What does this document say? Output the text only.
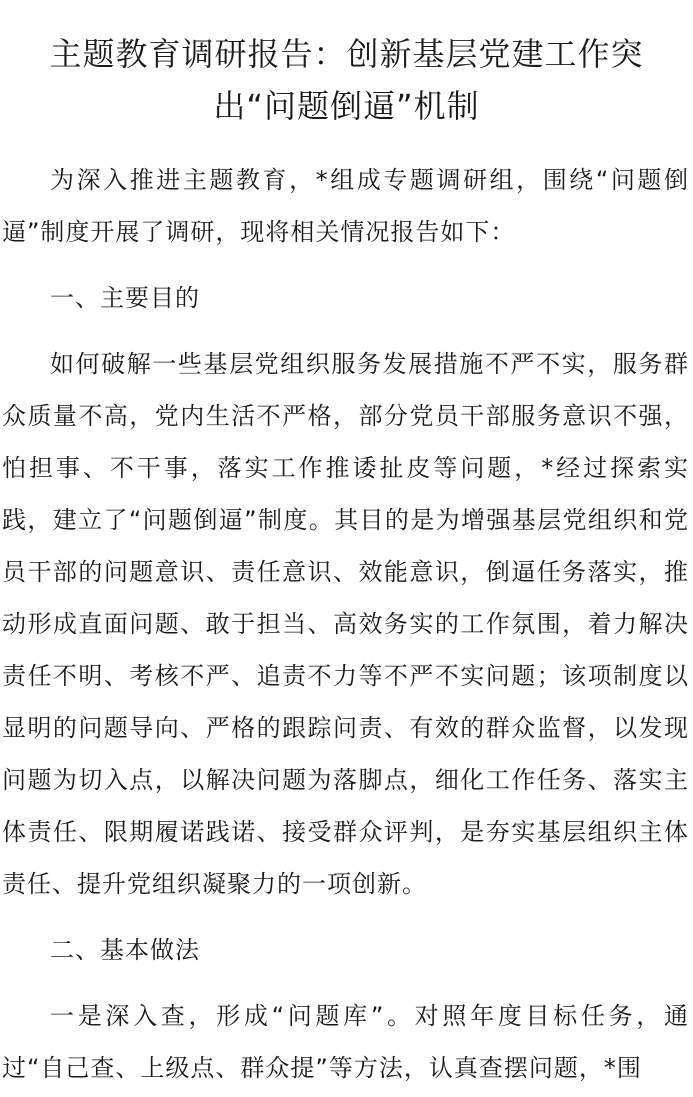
主题教育调研报告：创新基层党建工作突出“问题倒逼”机制

为深入推进主题教育，*组成专题调研组，围绕“问题倒逼”制度开展了调研，现将相关情况报告如下：

一、主要目的

如何破解一些基层党组织服务发展措施不严不实，服务群众质量不高，党内生活不严格，部分党员干部服务意识不强，怕担事、不干事，落实工作推诿扯皮等问题，*经过探索实践，建立了“问题倒逼”制度。其目的是为增强基层党组织和党员干部的问题意识、责任意识、效能意识，倒逼任务落实，推动形成直面问题、敢于担当、高效务实的工作氛围，着力解决责任不明、考核不严、追责不力等不严不实问题；该项制度以显明的问题导向、严格的跟踪问责、有效的群众监督，以发现问题为切入点，以解决问题为落脚点，细化工作任务、落实主体责任、限期履诺践诺、接受群众评判，是夯实基层组织主体责任、提升党组织凝聚力的一项创新。

二、基本做法

一是深入查，形成“问题库”。对照年度目标任务，通过“自己查、上级点、群众提”等方法，认真查摆问题，*围
